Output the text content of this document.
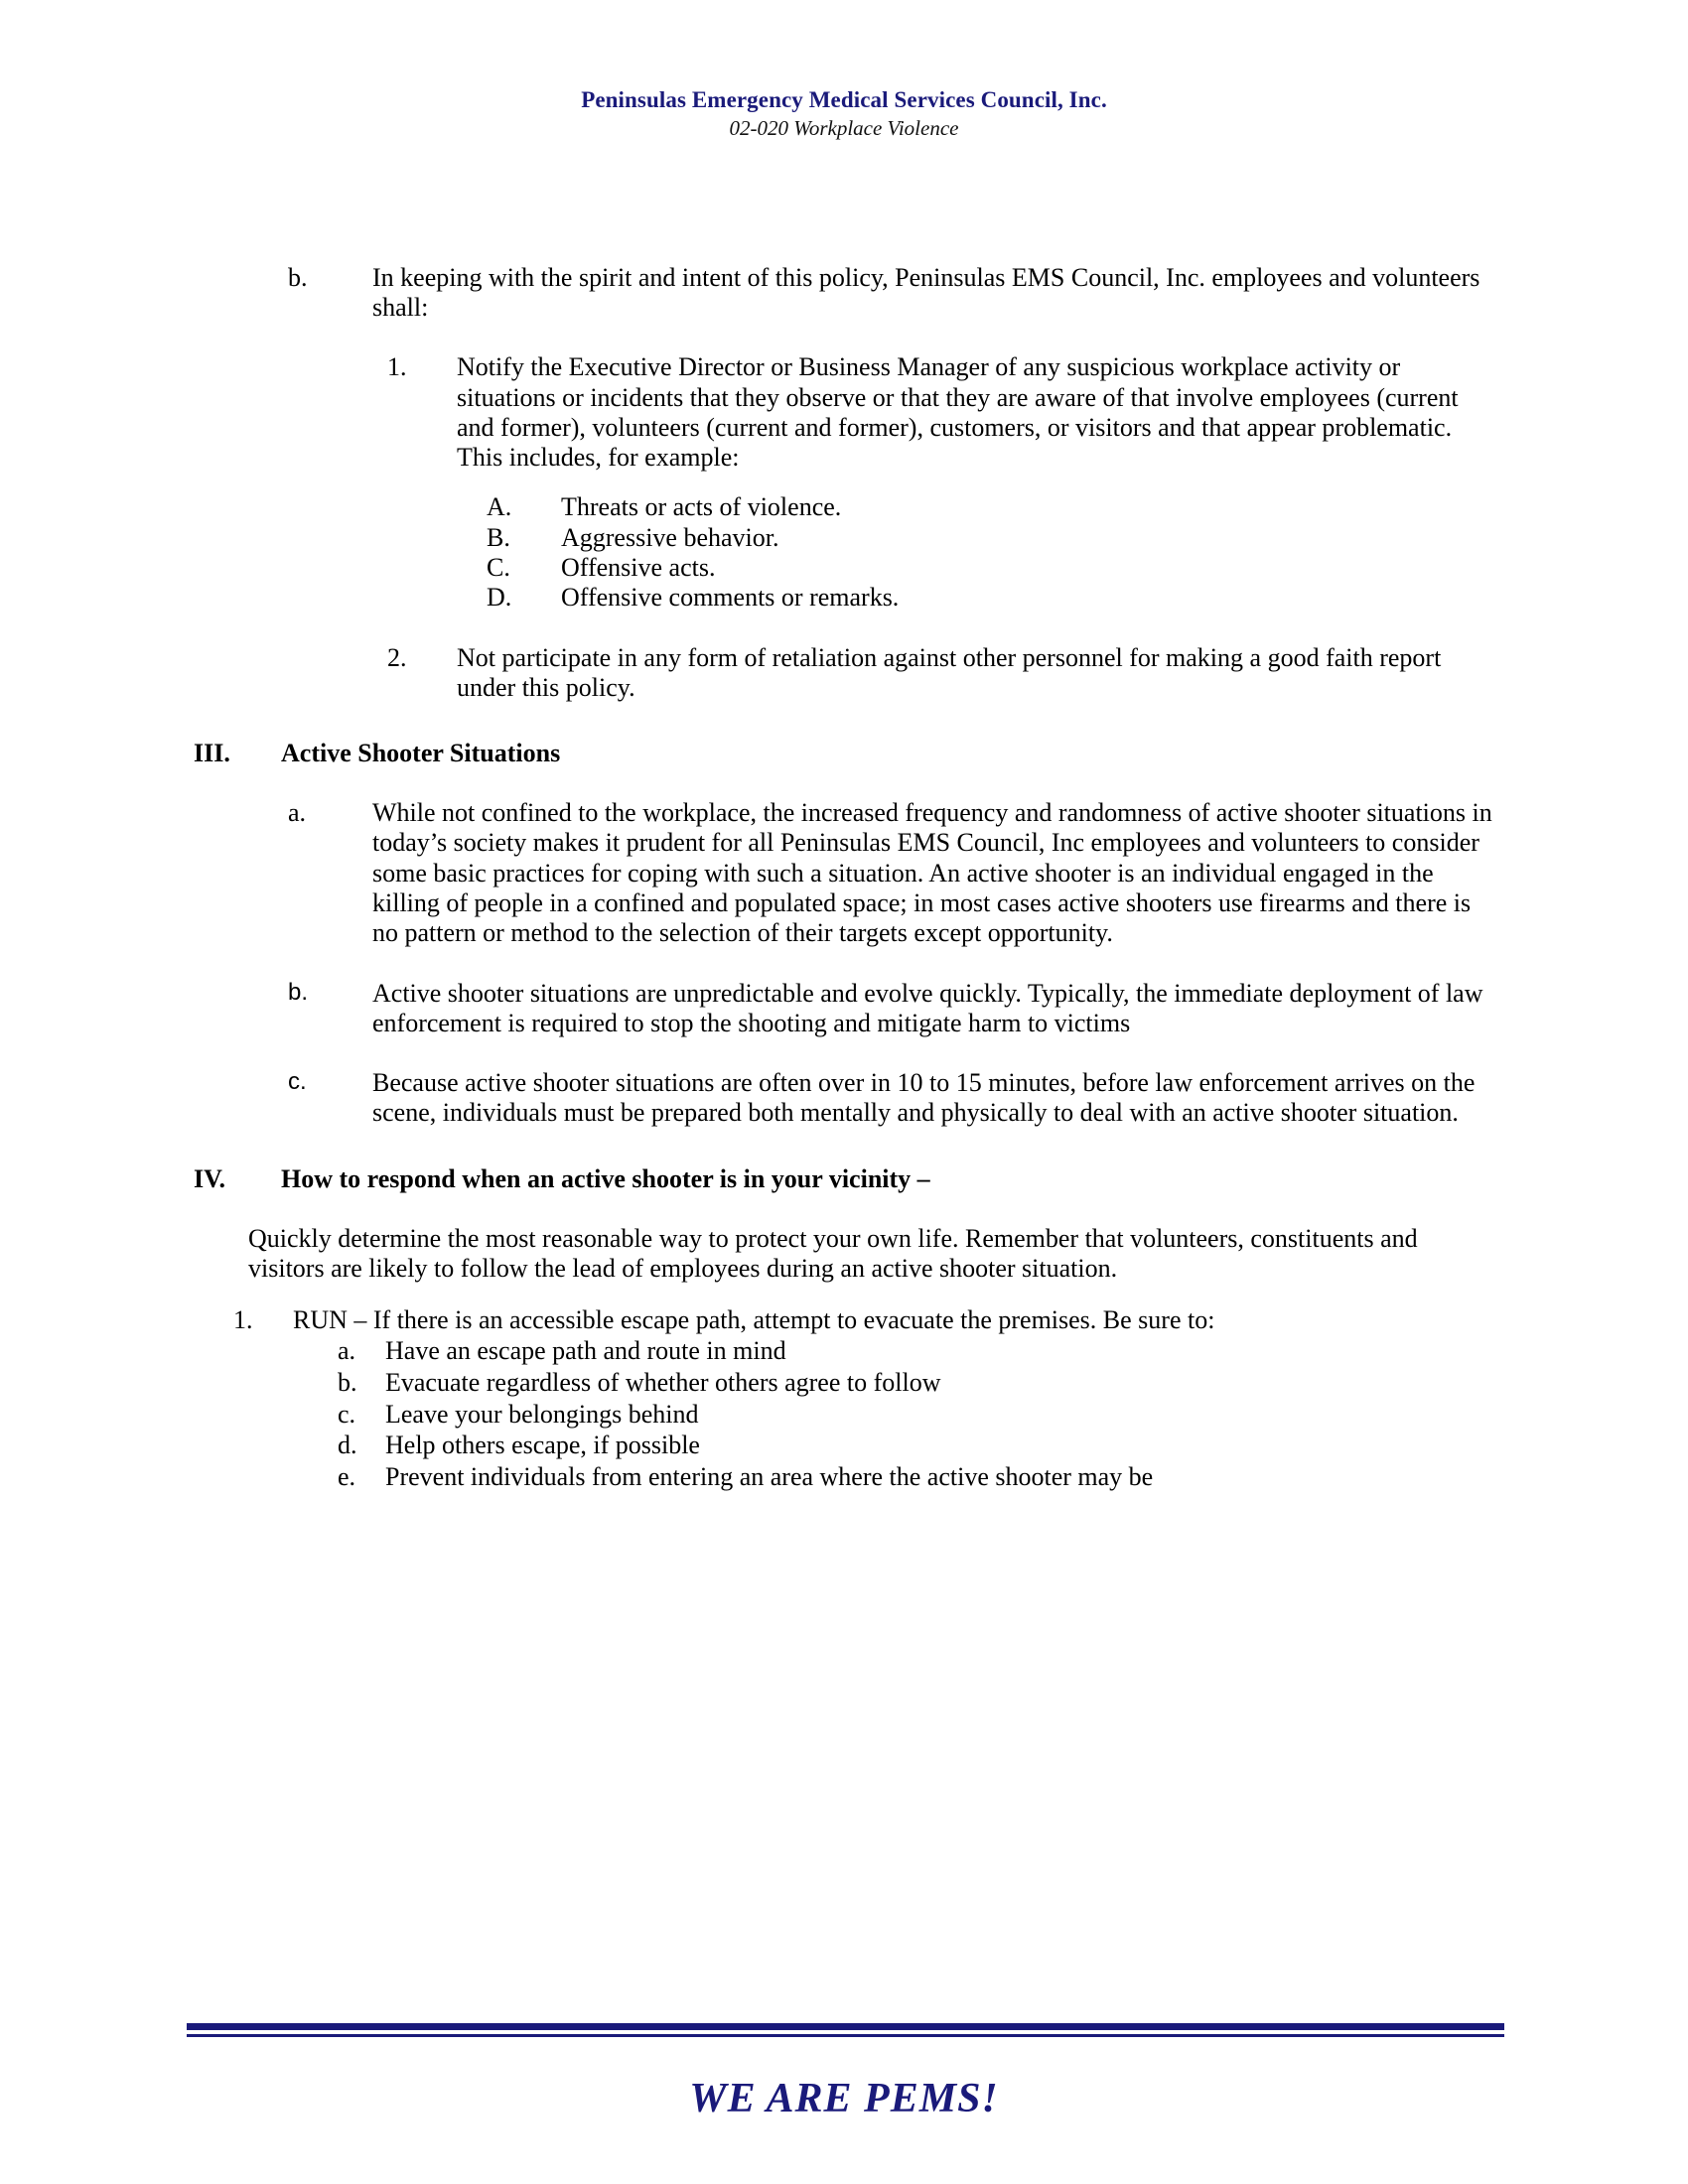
Peninsulas Emergency Medical Services Council, Inc.
02-020 Workplace Violence
b.	In keeping with the spirit and intent of this policy, Peninsulas EMS Council, Inc. employees and volunteers shall:
1.	Notify the Executive Director or Business Manager of any suspicious workplace activity or situations or incidents that they observe or that they are aware of that involve employees (current and former), volunteers (current and former), customers, or visitors and that appear problematic. This includes, for example:
A.	Threats or acts of violence.
B.	Aggressive behavior.
C.	Offensive acts.
D.	Offensive comments or remarks.
2.	Not participate in any form of retaliation against other personnel for making a good faith report under this policy.
III.	Active Shooter Situations
a.	While not confined to the workplace, the increased frequency and randomness of active shooter situations in today’s society makes it prudent for all Peninsulas EMS Council, Inc employees and volunteers to consider some basic practices for coping with such a situation. An active shooter is an individual engaged in the killing of people in a confined and populated space; in most cases active shooters use firearms and there is no pattern or method to the selection of their targets except opportunity.
b.	Active shooter situations are unpredictable and evolve quickly. Typically, the immediate deployment of law enforcement is required to stop the shooting and mitigate harm to victims
c.	Because active shooter situations are often over in 10 to 15 minutes, before law enforcement arrives on the scene, individuals must be prepared both mentally and physically to deal with an active shooter situation.
IV.	How to respond when an active shooter is in your vicinity –
Quickly determine the most reasonable way to protect your own life. Remember that volunteers, constituents and visitors are likely to follow the lead of employees during an active shooter situation.
1.	RUN – If there is an accessible escape path, attempt to evacuate the premises. Be sure to:
a.	Have an escape path and route in mind
b.	Evacuate regardless of whether others agree to follow
c.	Leave your belongings behind
d.	Help others escape, if possible
e.	Prevent individuals from entering an area where the active shooter may be
WE ARE PEMS!
